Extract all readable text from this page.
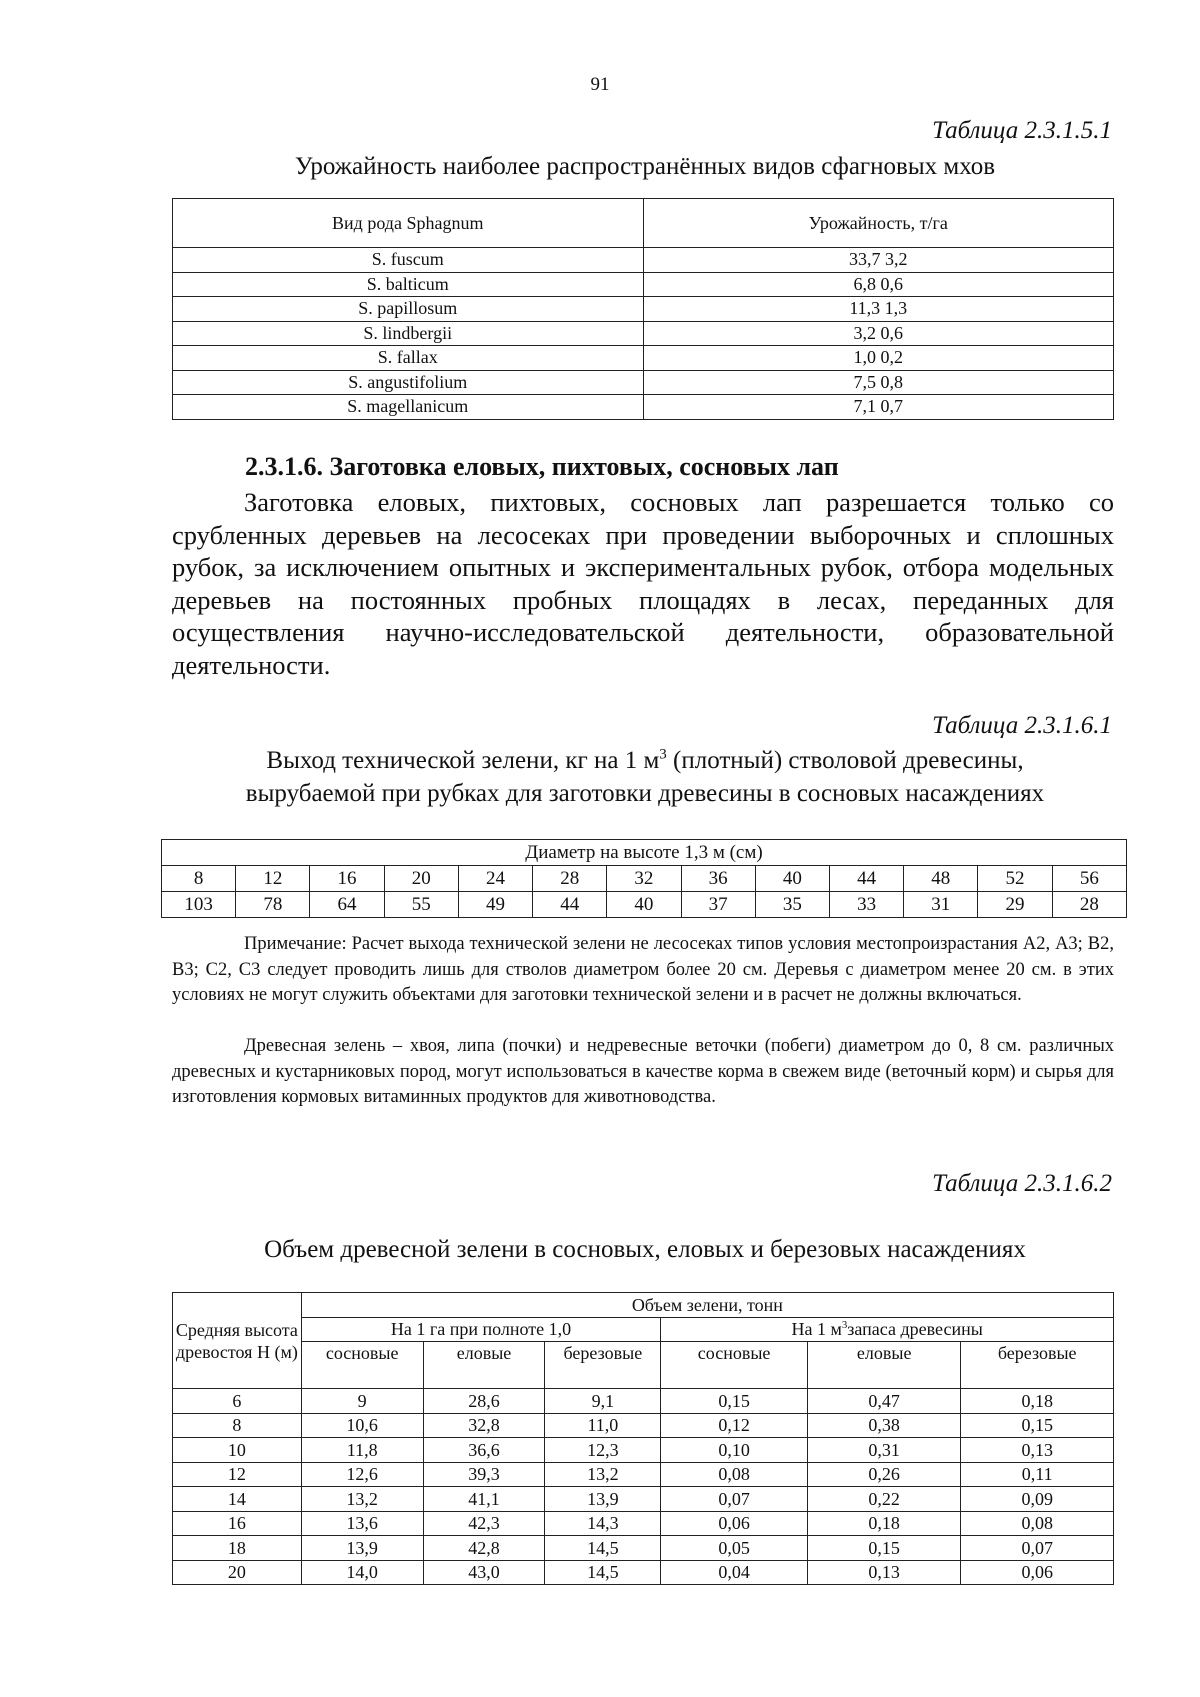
91
Таблица 2.3.1.5.1
Урожайность наиболее распространённых видов сфагновых мхов
Вид рода Sphagnum	Урожайность, т/га
S. fuscum	33,7 3,2
S. balticum	6,8 0,6
S. papillosum	11,3 1,3
S. lindbergii	3,2 0,6
S. fallax	1,0 0,2
S. angustifolium	7,5 0,8
S. magellanicum	7,1 0,7
2.3.1.6. Заготовка еловых, пихтовых, сосновых лап
Заготовка еловых, пихтовых, сосновых лап разрешается только со срубленных деревьев на лесосеках при проведении выборочных и сплошных рубок, за исключением опытных и экспериментальных рубок, отбора модельных деревьев на постоянных пробных площадях в лесах, переданных для осуществления научно-исследовательской деятельности, образовательной деятельности.
Таблица 2.3.1.6.1
Выход технической зелени, кг на 1 $м^3$ (плотный) стволовой древесины,
вырубаемой при рубках для заготовки древесины в сосновых насаждениях
Диаметр на высоте 1,3 м (см)												
8	12	16	20	24	28	32	36	40	44	48	52	56
103	78	64	55	49	44	40	37	35	33	31	29	28
Примечание: Расчет выхода технической зелени не лесосеках типов условия местопроизрастания А2, А3; В2, В3; С2, С3 следует проводить лишь для стволов диаметром более 20 см. Деревья с диаметром менее 20 см. в этих условиях не могут служить объектами для заготовки технической зелени и в расчет не должны включаться.
Древесная зелень – хвоя, липа (почки) и недревесные веточки (побеги) диаметром до 0, 8 см. различных древесных и кустарниковых пород, могут использоваться в качестве корма в свежем виде (веточный корм) и сырья для изготовления кормовых витаминных продуктов для животноводства.
Таблица 2.3.1.6.2
Объем древесной зелени в сосновых, еловых и березовых насаждениях
Средняя высота древостоя Н (м)	Объем зелени, тонн					
	На 1 га при полноте 1,0			На 1 $м^3запаса$ древесины		
	сосновые	еловые	березовые	сосновые	еловые	березовые
6	9	28,6	9,1	0,15	0,47	0,18
8	10,6	32,8	11,0	0,12	0,38	0,15
10	11,8	36,6	12,3	0,10	0,31	0,13
12	12,6	39,3	13,2	0,08	0,26	0,11
14	13,2	41,1	13,9	0,07	0,22	0,09
16	13,6	42,3	14,3	0,06	0,18	0,08
18	13,9	42,8	14,5	0,05	0,15	0,07
20	14,0	43,0	14,5	0,04	0,13	0,06
